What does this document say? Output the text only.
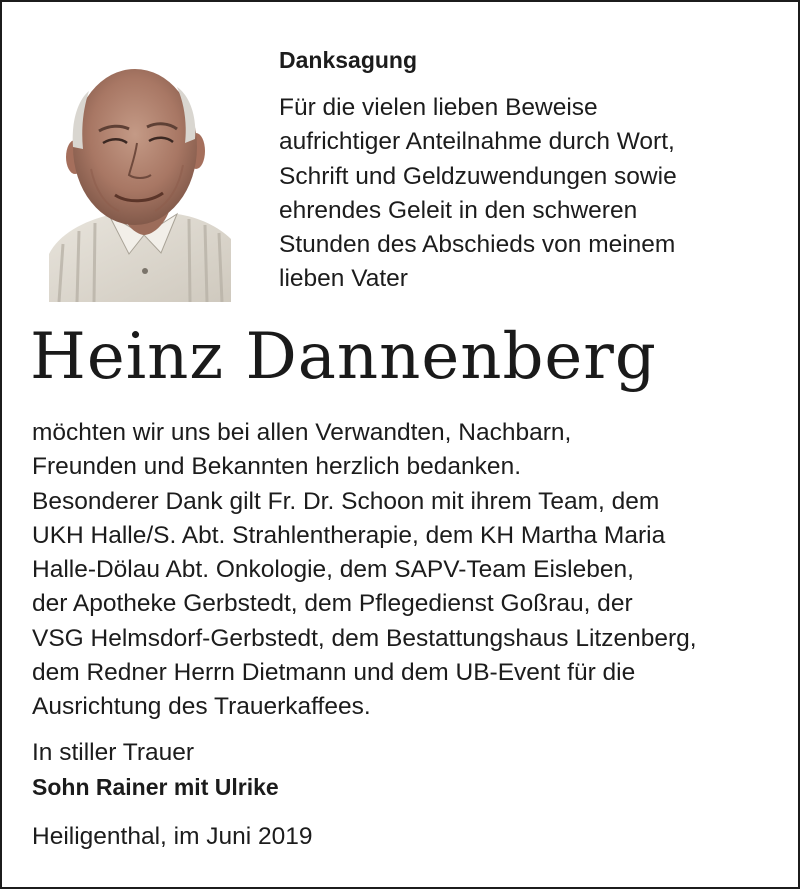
Danksagung
Für die vielen lieben Beweise
aufrichtiger Anteilnahme durch Wort,
Schrift und Geldzuwendungen sowie
ehrendes Geleit in den schweren
Stunden des Abschieds von meinem
lieben Vater
Heinz Dannenberg
möchten wir uns bei allen Verwandten, Nachbarn,
Freunden und Bekannten herzlich bedanken.
Besonderer Dank gilt Fr. Dr. Schoon mit ihrem Team, dem
UKH Halle/S. Abt. Strahlentherapie, dem KH Martha Maria
Halle-Dölau Abt. Onkologie, dem SAPV-Team Eisleben,
der Apotheke Gerbstedt, dem Pflegedienst Goßrau, der
VSG Helmsdorf-Gerbstedt, dem Bestattungshaus Litzenberg,
dem Redner Herrn Dietmann und dem UB-Event für die
Ausrichtung des Trauerkaffees.
In stiller Trauer
Sohn Rainer mit Ulrike
Heiligenthal, im Juni 2019
